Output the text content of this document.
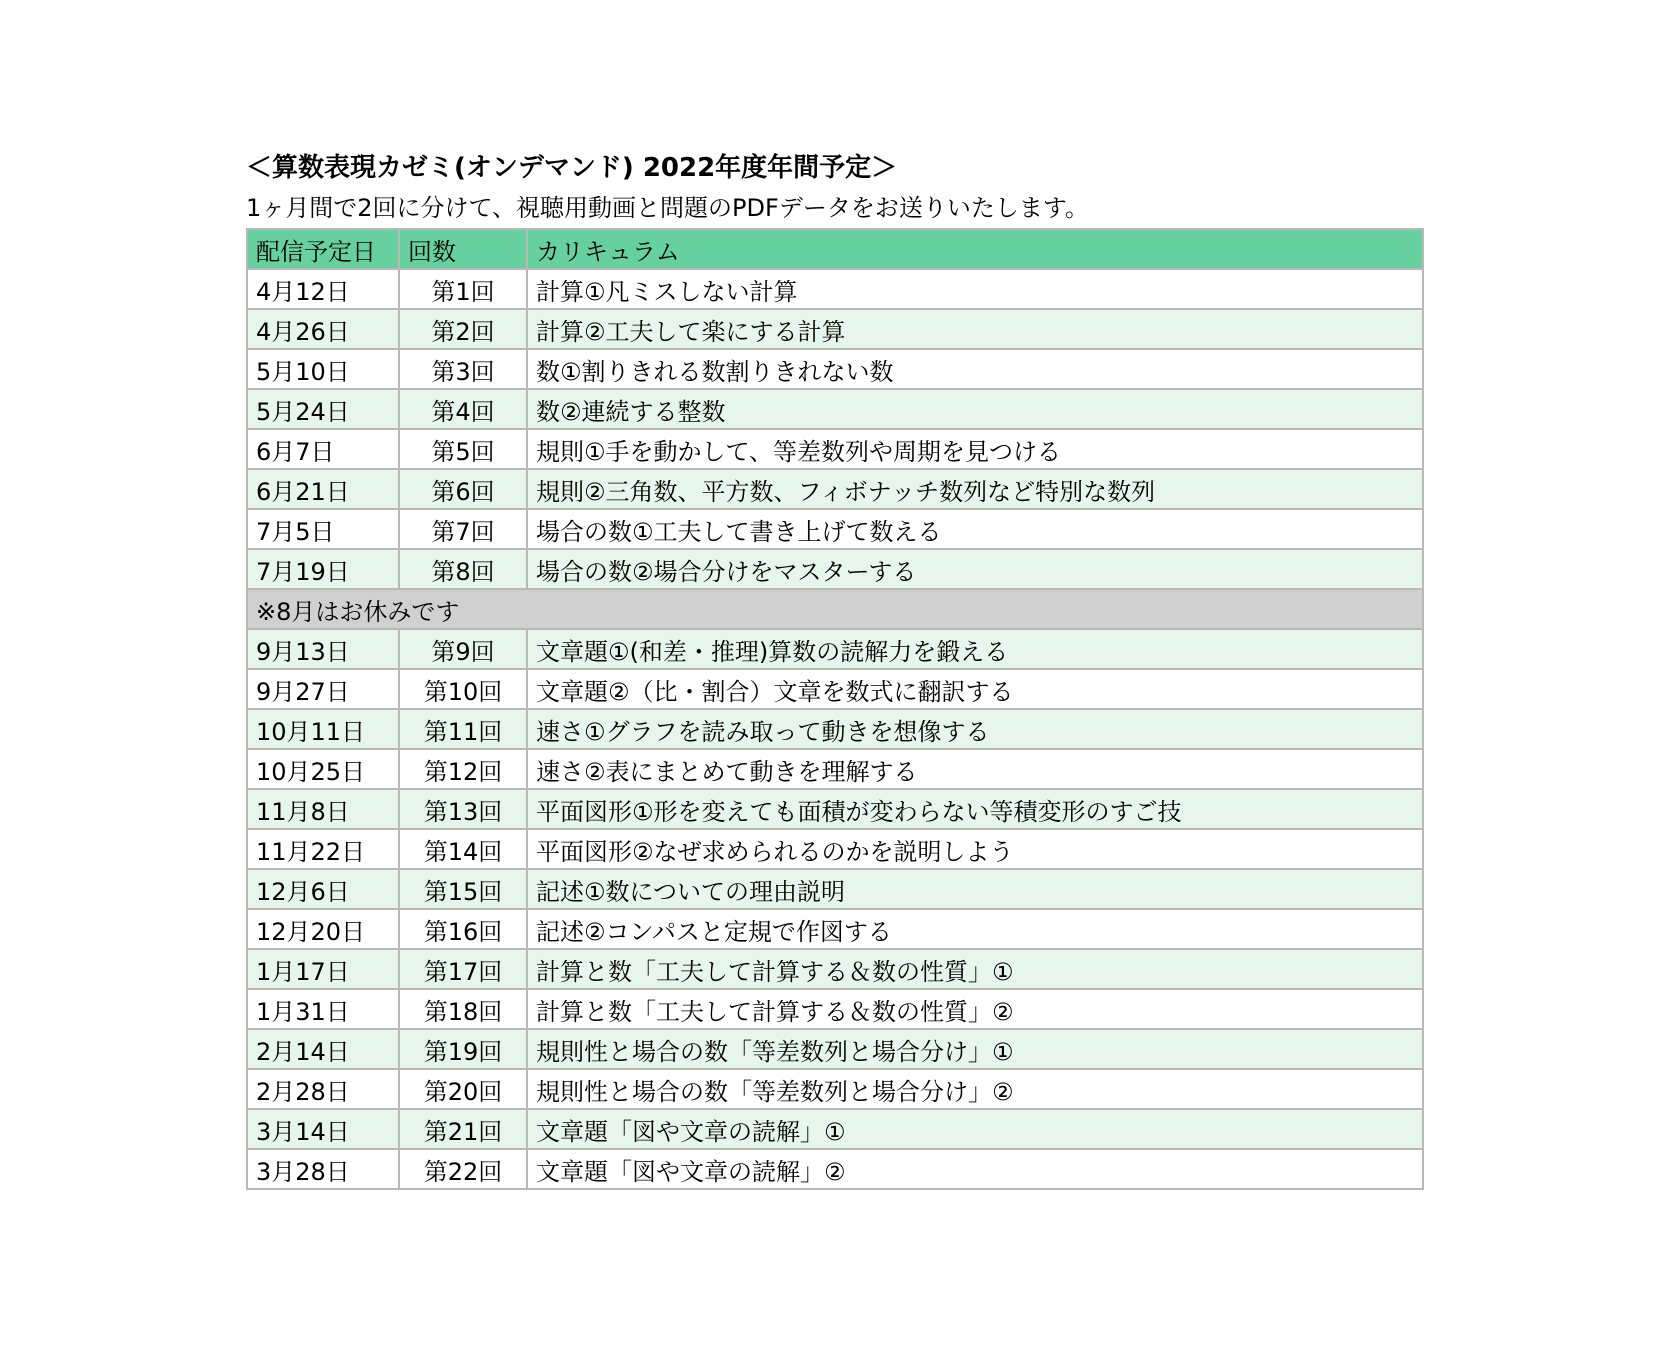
＜算数表現カゼミ(オンデマンド) 2022年度年間予定＞
1ヶ月間で2回に分けて、視聴用動画と問題のPDFデータをお送りいたします。
配信予定日	回数	カリキュラム
4月12日	第1回	計算①凡ミスしない計算
4月26日	第2回	計算②工夫して楽にする計算
5月10日	第3回	数①割りきれる数割りきれない数
5月24日	第4回	数②連続する整数
6月7日	第5回	規則①手を動かして、等差数列や周期を見つける
6月21日	第6回	規則②三角数、平方数、フィボナッチ数列など特別な数列
7月5日	第7回	場合の数①工夫して書き上げて数える
7月19日	第8回	場合の数②場合分けをマスターする
※8月はお休みです		
9月13日	第9回	文章題①(和差・推理)算数の読解力を鍛える
9月27日	第10回	文章題②（比・割合）文章を数式に翻訳する
10月11日	第11回	速さ①グラフを読み取って動きを想像する
10月25日	第12回	速さ②表にまとめて動きを理解する
11月8日	第13回	平面図形①形を変えても面積が変わらない等積変形のすご技
11月22日	第14回	平面図形②なぜ求められるのかを説明しよう
12月6日	第15回	記述①数についての理由説明
12月20日	第16回	記述②コンパスと定規で作図する
1月17日	第17回	計算と数「工夫して計算する＆数の性質」①
1月31日	第18回	計算と数「工夫して計算する＆数の性質」②
2月14日	第19回	規則性と場合の数「等差数列と場合分け」①
2月28日	第20回	規則性と場合の数「等差数列と場合分け」②
3月14日	第21回	文章題「図や文章の読解」①
3月28日	第22回	文章題「図や文章の読解」②
